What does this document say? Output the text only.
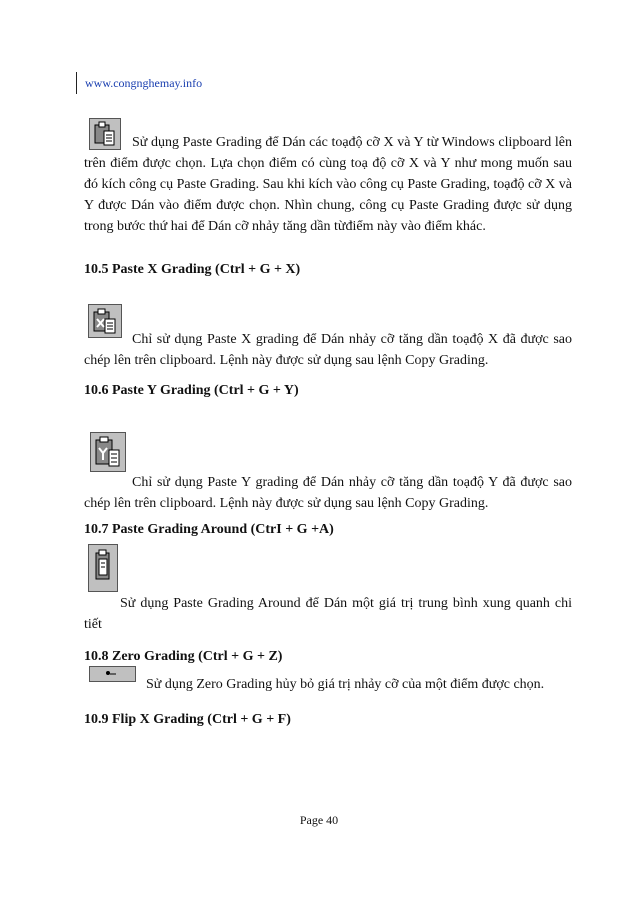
www.congnghemay.info

Sử dụng Paste Grading để Dán các toạđộ cỡ X và Y từ Windows clipboard lên trên điểm được chọn. Lựa chọn điểm có cùng toạ độ cỡ X và Y như mong muốn sau đó kích công cụ Paste Grading. Sau khi kích vào công cụ Paste Grading, toạđộ cỡ X và Y được Dán vào điểm được chọn. Nhìn chung, công cụ Paste Grading được sử dụng trong bước thứ hai để Dán cỡ nhảy tăng dần từđiểm này vào điểm khác.

10.5 Paste X Grading (Ctrl + G + X)

Chỉ sử dụng Paste X grading để Dán nhảy cỡ tăng dần toạđộ X đã được sao chép lên trên clipboard. Lệnh này được sử dụng sau lệnh Copy Grading.

10.6 Paste Y Grading (Ctrl + G + Y)

Chỉ sử dụng Paste Y grading để Dán nhảy cỡ tăng dần toạđộ Y đã được sao chép lên trên clipboard. Lệnh này được sử dụng sau lệnh Copy Grading.

10.7 Paste Grading Around (CtrI + G +A)

Sử dụng Paste Grading Around để Dán một giá trị trung bình xung quanh chi tiết

10.8 Zero Grading (Ctrl + G + Z)

Sử dụng Zero Grading hủy bỏ giá trị nhảy cỡ của một điểm được chọn.

10.9 Flip X Grading (Ctrl + G + F)
Page 40
